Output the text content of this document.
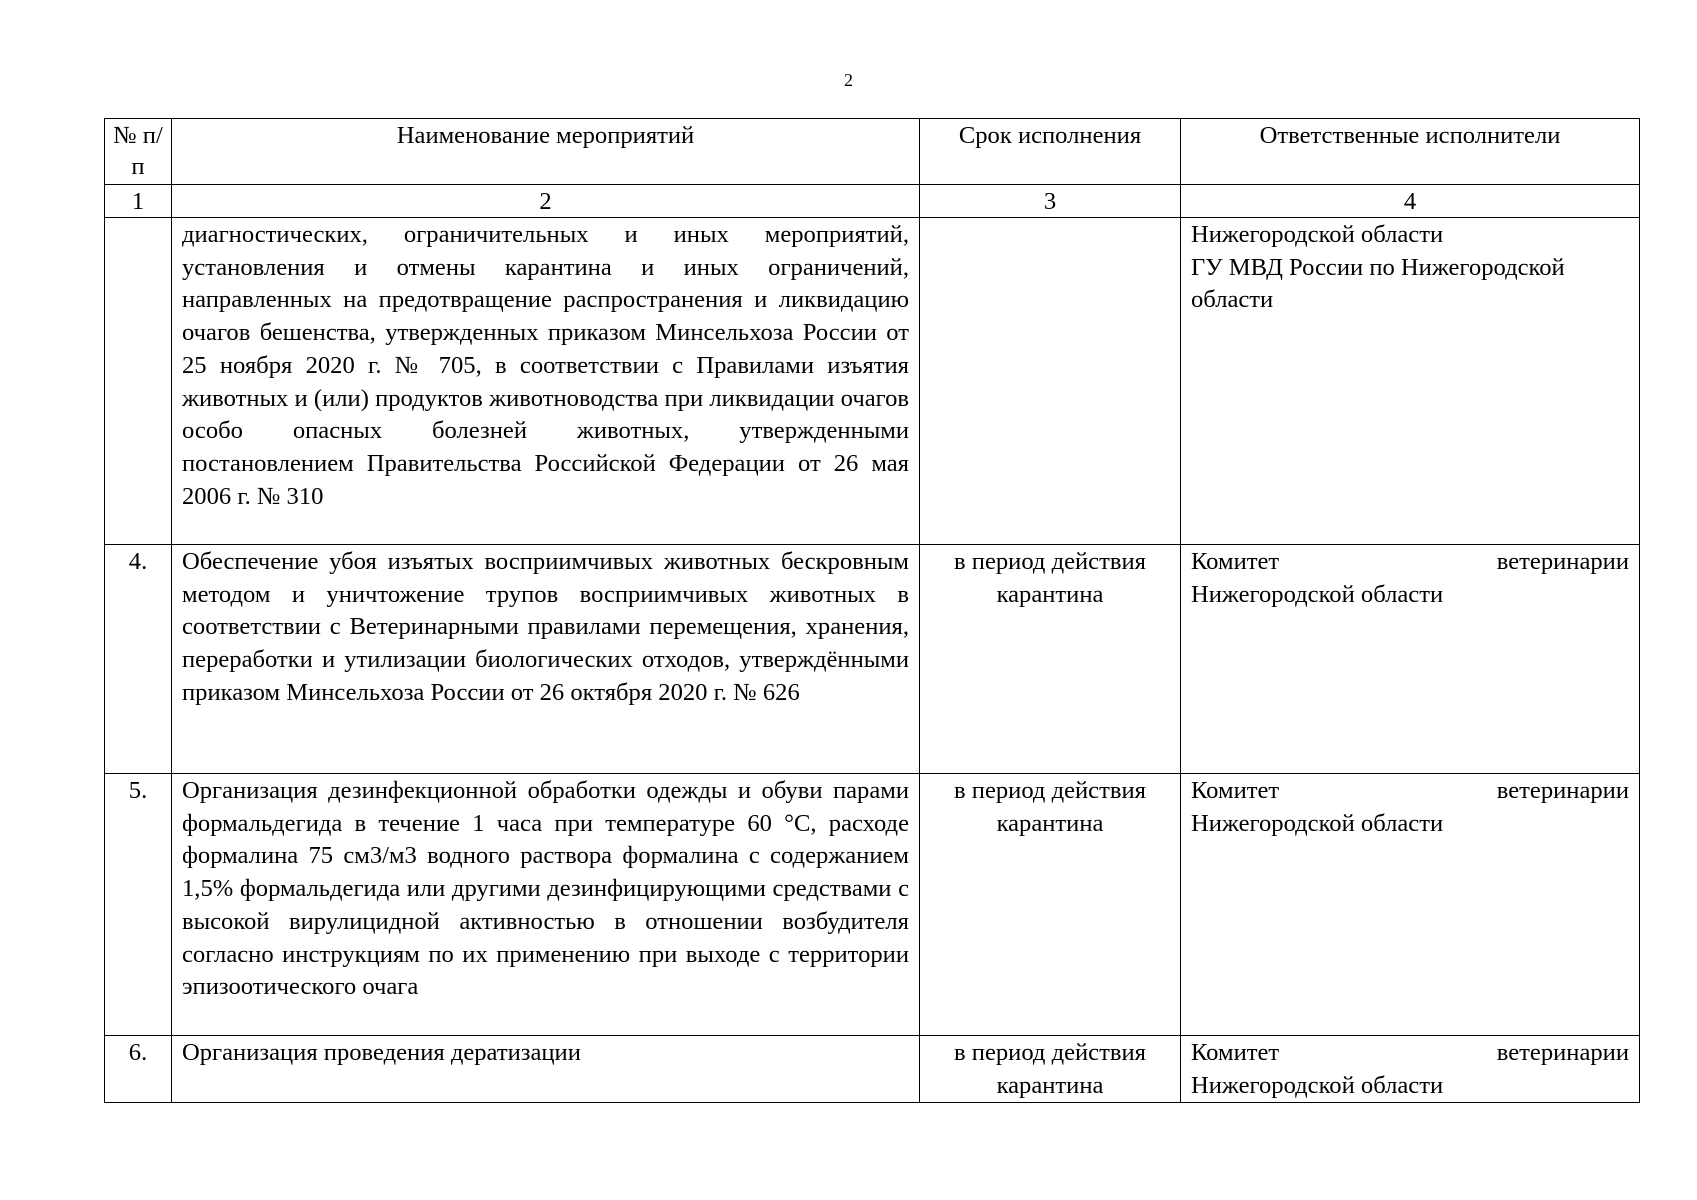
2
№ п/п	Наименование мероприятий	Срок исполнения	Ответственные исполнители
1	2	3	4
	диагностических, ограничительных и иных мероприятий, установления и отмены карантина и иных ограничений, направленных на предотвращение распространения и ликвидацию очагов бешенства, утвержденных приказом Минсельхоза России от 25 ноября 2020 г. № 705, в соответствии с Правилами изъятия животных и (или) продуктов животноводства при ликвидации очагов особо опасных болезней животных, утвержденными постановлением Правительства Российской Федерации от 26 мая 2006 г. № 310		Нижегородской области
ГУ МВД России по Нижегородской области

4.	Обеспечение убоя изъятых восприимчивых животных бескровным методом и уничтожение трупов восприимчивых животных в соответствии с Ветеринарными правилами перемещения, хранения, переработки и утилизации биологических отходов, утверждёнными приказом Минсельхоза России от 26 октября 2020 г. № 626	в период действия карантина	Комитет ветеринарии
Нижегородской области

5.	Организация дезинфекционной обработки одежды и обуви парами формальдегида в течение 1 часа при температуре 60 °С, расходе формалина 75 см3/м3 водного раствора формалина с содержанием 1,5% формальдегида или другими дезинфицирующими средствами с высокой вирулицидной активностью в отношении возбудителя согласно инструкциям по их применению при выходе с территории эпизоотического очага	в период действия карантина	Комитет ветеринарии
Нижегородской области

6.	Организация проведения дератизации	в период действия карантина	Комитет ветеринарии
Нижегородской области
